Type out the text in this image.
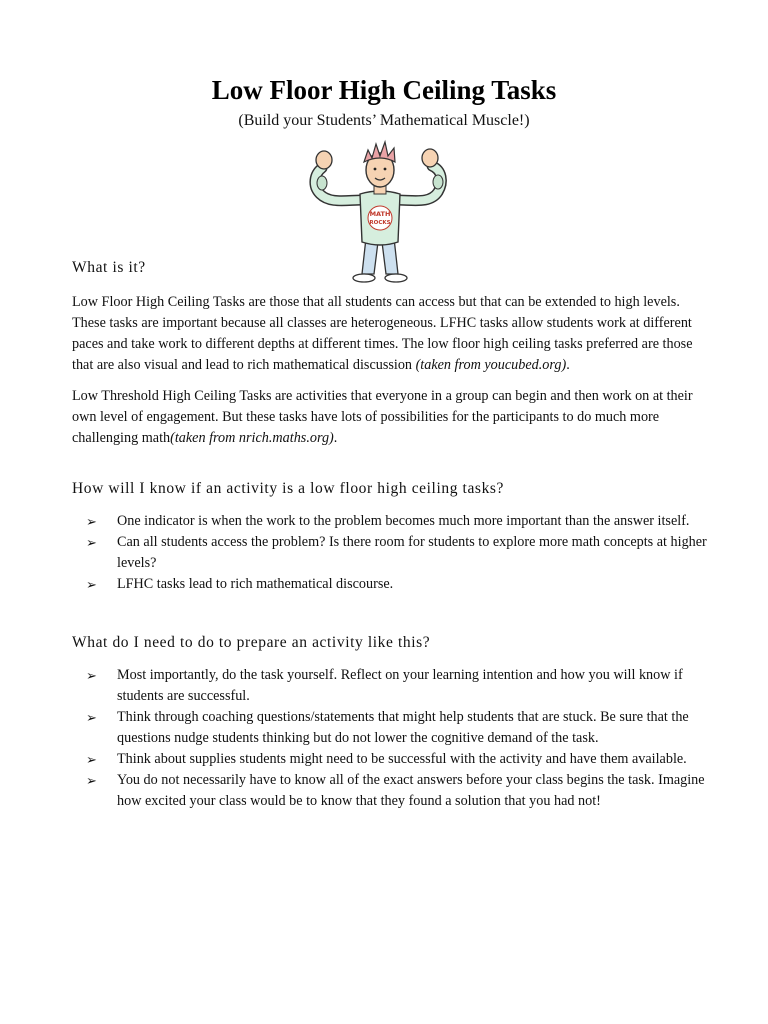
Low Floor High Ceiling Tasks
(Build your Students’ Mathematical Muscle!)
MATH
ROCKS
What is it?

Low Floor High Ceiling Tasks are those that all students can access but that can be extended to high levels. These tasks are important because all classes are heterogeneous. LFHC tasks allow students work at different paces and take work to different depths at different times. The low floor high ceiling tasks preferred are those that are also visual and lead to rich mathematical discussion (taken from youcubed.org).

Low Threshold High Ceiling Tasks are activities that everyone in a group can begin and then work on at their own level of engagement. But these tasks have lots of possibilities for the participants to do much more challenging math(taken from nrich.maths.org).

How will I know if an activity is a low floor high ceiling tasks?
➢	One indicator is when the work to the problem becomes much more important than the answer itself.
➢	Can all students access the problem? Is there room for students to explore more math concepts at higher levels?
➢	LFHC tasks lead to rich mathematical discourse.
What do I need to do to prepare an activity like this?
➢	Most importantly, do the task yourself. Reflect on your learning intention and how you will know if students are successful.
➢	Think through coaching questions/statements that might help students that are stuck. Be sure that the questions nudge students thinking but do not lower the cognitive demand of the task.
➢	Think about supplies students might need to be successful with the activity and have them available.
➢	You do not necessarily have to know all of the exact answers before your class begins the task. Imagine how excited your class would be to know that they found a solution that you had not!
